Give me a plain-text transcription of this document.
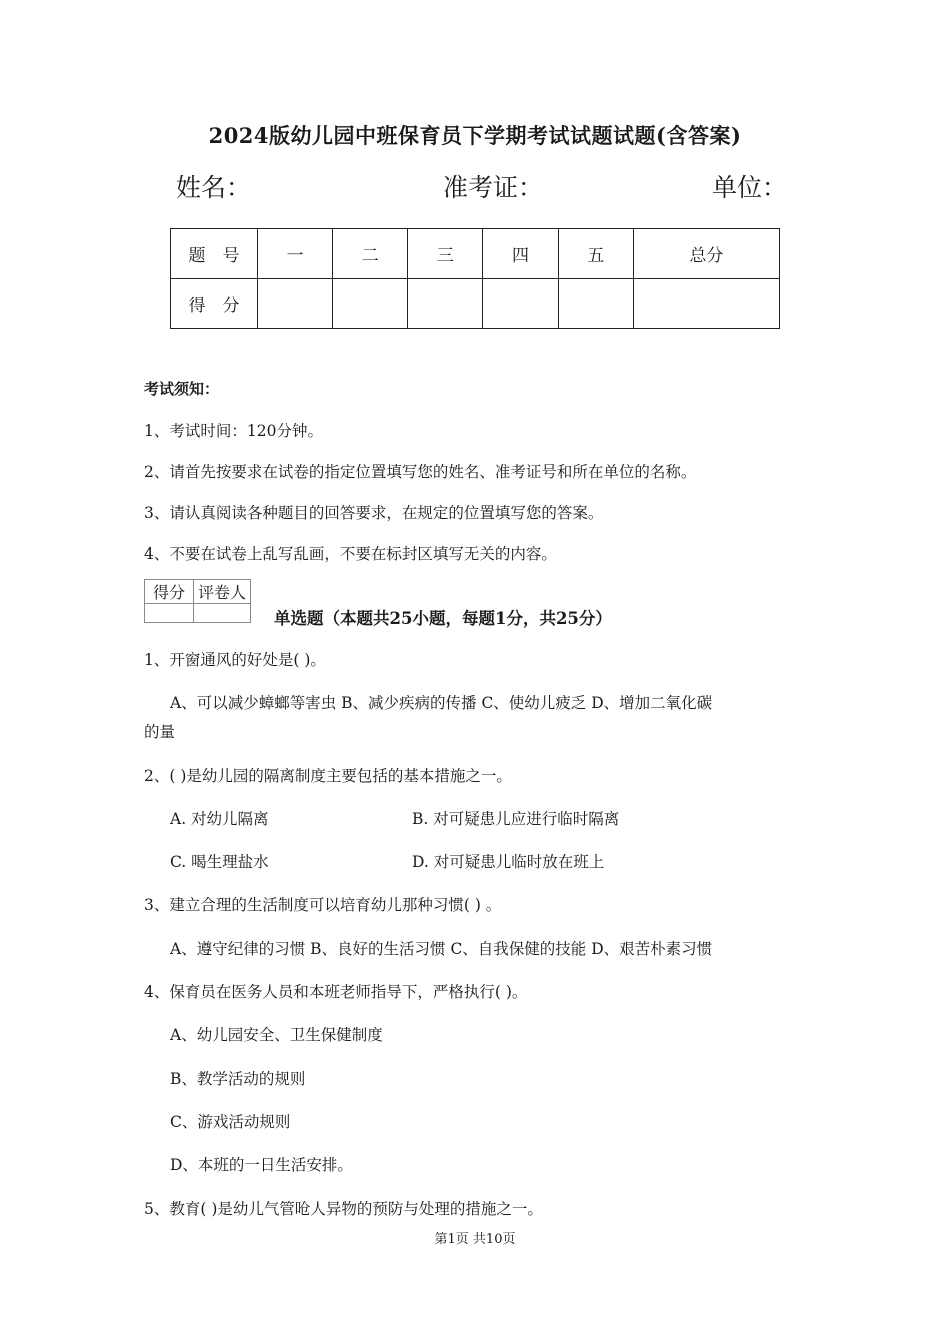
2024版幼儿园中班保育员下学期考试试题试题(含答案)
姓名：	准考证：	单位：
题　号	一	二	三	四	五	总分
得　分						
考试须知：
1、考试时间：120分钟。
2、请首先按要求在试卷的指定位置填写您的姓名、准考证号和所在单位的名称。
3、请认真阅读各种题目的回答要求，在规定的位置填写您的答案。
4、不要在试卷上乱写乱画，不要在标封区填写无关的内容。
得分	评卷人

单选题（本题共25小题，每题1分，共25分）
1、开窗通风的好处是( )。
A、可以减少蟑螂等害虫 B、减少疾病的传播 C、使幼儿疲乏 D、增加二氧化碳
的量
2、( )是幼儿园的隔离制度主要包括的基本措施之一。
A. 对幼儿隔离	B. 对可疑患儿应进行临时隔离
C. 喝生理盐水	D. 对可疑患儿临时放在班上
3、建立合理的生活制度可以培育幼儿那种习惯( ) 。
A、遵守纪律的习惯 B、良好的生活习惯 C、自我保健的技能 D、艰苦朴素习惯
4、保育员在医务人员和本班老师指导下，严格执行( )。
A、幼儿园安全、卫生保健制度
B、教学活动的规则
C、游戏活动规则
D、本班的一日生活安排。
5、教育( )是幼儿气管呛人异物的预防与处理的措施之一。
第1页 共10页
